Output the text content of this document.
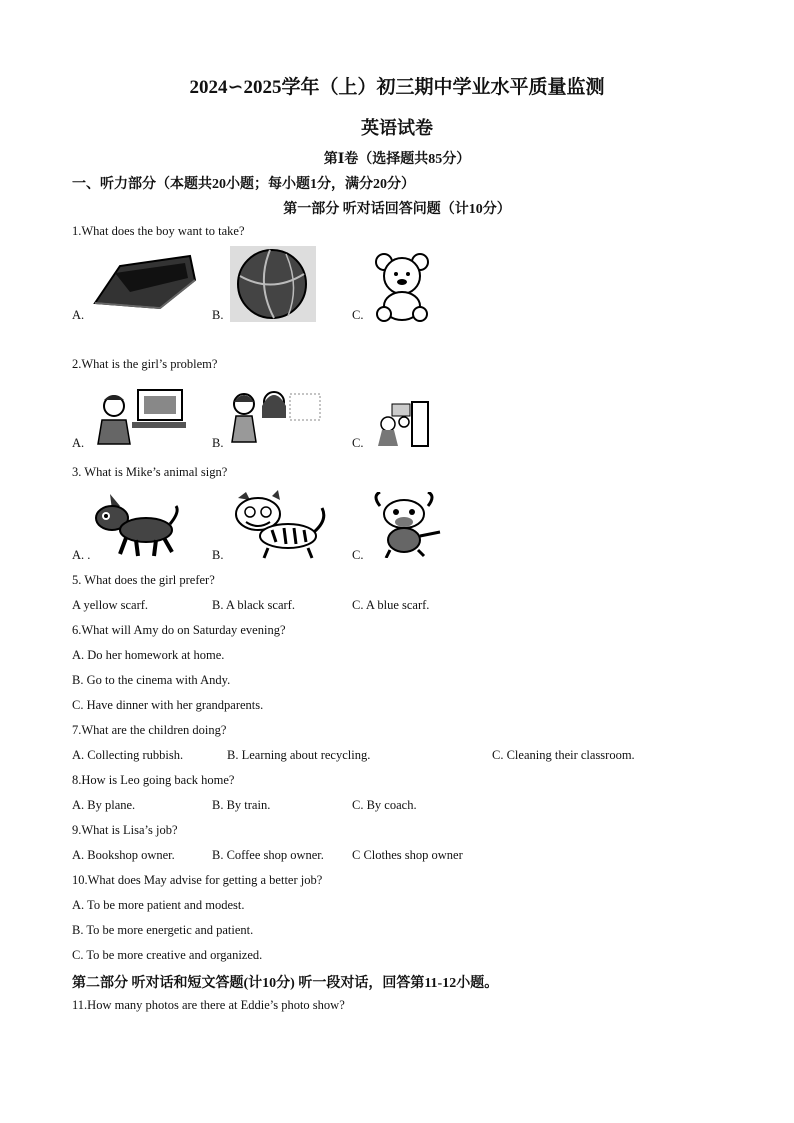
2024∽2025学年（上）初三期中学业水平质量监测
英语试卷
第Ⅰ卷（选择题共85分）
一、听力部分（本题共20小题；每小题1分，满分20分）
第一部分 听对话回答问题（计10分）
1.What does the boy want to take?
A.	B.	C.
2.What is the girl’s problem?
A.	B.	C.
3. What is Mike’s animal sign?
A. .	B.	C.
5. What does the girl prefer?
A yellow scarf.	B. A black scarf.	C. A blue scarf.
6.What will Amy do on Saturday evening?
A. Do her homework at home.
B. Go to the cinema with Andy.
C. Have dinner with her grandparents.
7.What are the children doing?
A. Collecting rubbish.	B. Learning about recycling.	C. Cleaning their classroom.
8.How is Leo going back home?
A. By plane.	B. By train.	C. By coach.
9.What is Lisa’s job?
A. Bookshop owner.	B. Coffee shop owner. C Clothes shop owner
10.What does May advise for getting a better job?
A. To be more patient and modest.
B. To be more energetic and patient.
C. To be more creative and organized.
第二部分 听对话和短文答题(计10分) 听一段对话，回答第11-12小题。
11.How many photos are there at Eddie’s photo show?
